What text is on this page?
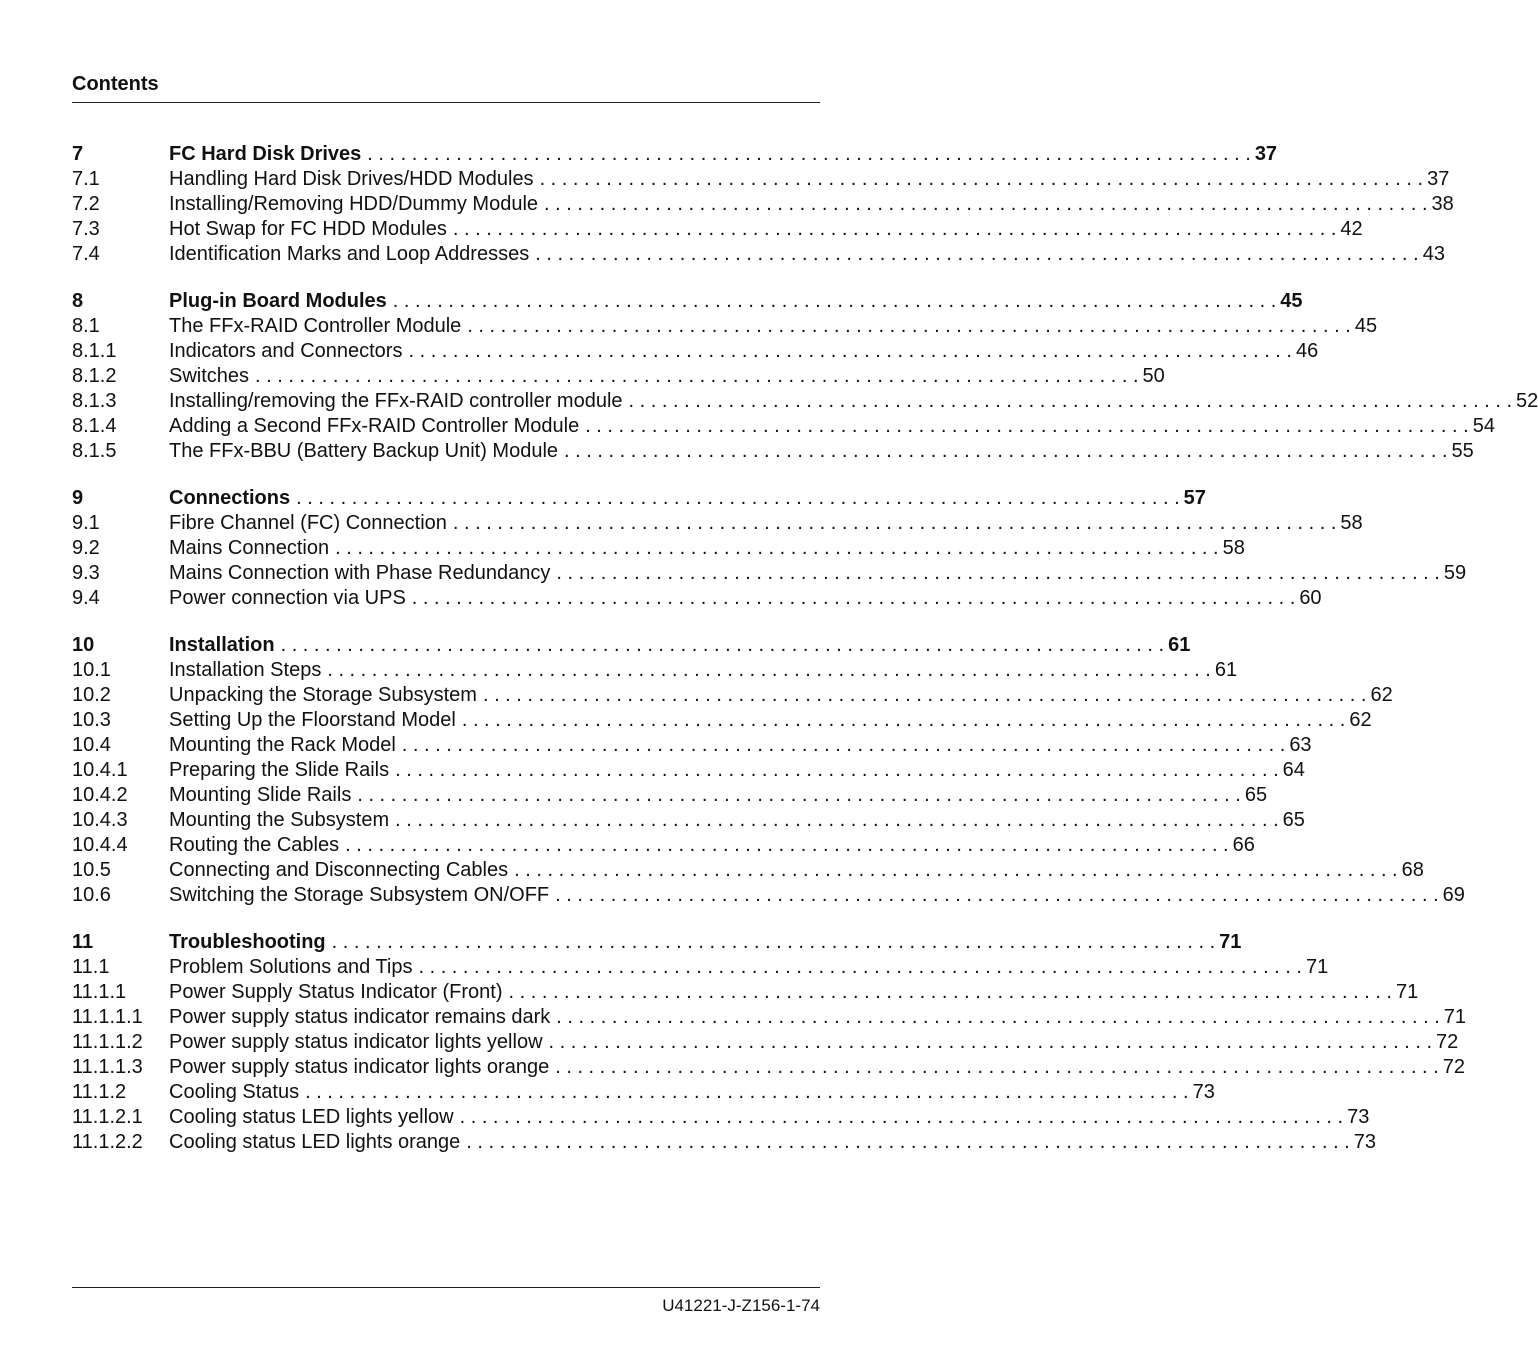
Contents
7	FC Hard Disk Drives . . . . . . . . . . . . . . . . . . . . . . . . . . . . . . . . . . . . . . . . . . . . . . . . . . . . . . . . . . . . . . . . . . . . . . . . . . . . . . . . 37
7.1	Handling Hard Disk Drives/HDD Modules . . . . . . . . . . . . . . . . . . . . . . . . . . . . . . . . . . . . . . . . . . . . . . . . . . . . . . . . . . . . . . . . . . . . . . . . . . . . . . . . 37
7.2	Installing/Removing HDD/Dummy Module . . . . . . . . . . . . . . . . . . . . . . . . . . . . . . . . . . . . . . . . . . . . . . . . . . . . . . . . . . . . . . . . . . . . . . . . . . . . . . . . 38
7.3	Hot Swap for FC HDD Modules . . . . . . . . . . . . . . . . . . . . . . . . . . . . . . . . . . . . . . . . . . . . . . . . . . . . . . . . . . . . . . . . . . . . . . . . . . . . . . . . 42
7.4	Identification Marks and Loop Addresses . . . . . . . . . . . . . . . . . . . . . . . . . . . . . . . . . . . . . . . . . . . . . . . . . . . . . . . . . . . . . . . . . . . . . . . . . . . . . . . . 43
8	Plug-in Board Modules . . . . . . . . . . . . . . . . . . . . . . . . . . . . . . . . . . . . . . . . . . . . . . . . . . . . . . . . . . . . . . . . . . . . . . . . . . . . . . . . 45
8.1	The FFx-RAID Controller Module . . . . . . . . . . . . . . . . . . . . . . . . . . . . . . . . . . . . . . . . . . . . . . . . . . . . . . . . . . . . . . . . . . . . . . . . . . . . . . . . 45
8.1.1	Indicators and Connectors . . . . . . . . . . . . . . . . . . . . . . . . . . . . . . . . . . . . . . . . . . . . . . . . . . . . . . . . . . . . . . . . . . . . . . . . . . . . . . . . 46
8.1.2	Switches . . . . . . . . . . . . . . . . . . . . . . . . . . . . . . . . . . . . . . . . . . . . . . . . . . . . . . . . . . . . . . . . . . . . . . . . . . . . . . . . 50
8.1.3	Installing/removing the FFx-RAID controller module . . . . . . . . . . . . . . . . . . . . . . . . . . . . . . . . . . . . . . . . . . . . . . . . . . . . . . . . . . . . . . . . . . . . . . . . . . . . . . . . 52
8.1.4	Adding a Second FFx-RAID Controller Module . . . . . . . . . . . . . . . . . . . . . . . . . . . . . . . . . . . . . . . . . . . . . . . . . . . . . . . . . . . . . . . . . . . . . . . . . . . . . . . . 54
8.1.5	The FFx-BBU (Battery Backup Unit) Module . . . . . . . . . . . . . . . . . . . . . . . . . . . . . . . . . . . . . . . . . . . . . . . . . . . . . . . . . . . . . . . . . . . . . . . . . . . . . . . . 55
9	Connections . . . . . . . . . . . . . . . . . . . . . . . . . . . . . . . . . . . . . . . . . . . . . . . . . . . . . . . . . . . . . . . . . . . . . . . . . . . . . . . . 57
9.1	Fibre Channel (FC) Connection . . . . . . . . . . . . . . . . . . . . . . . . . . . . . . . . . . . . . . . . . . . . . . . . . . . . . . . . . . . . . . . . . . . . . . . . . . . . . . . . 58
9.2	Mains Connection . . . . . . . . . . . . . . . . . . . . . . . . . . . . . . . . . . . . . . . . . . . . . . . . . . . . . . . . . . . . . . . . . . . . . . . . . . . . . . . . 58
9.3	Mains Connection with Phase Redundancy . . . . . . . . . . . . . . . . . . . . . . . . . . . . . . . . . . . . . . . . . . . . . . . . . . . . . . . . . . . . . . . . . . . . . . . . . . . . . . . . 59
9.4	Power connection via UPS . . . . . . . . . . . . . . . . . . . . . . . . . . . . . . . . . . . . . . . . . . . . . . . . . . . . . . . . . . . . . . . . . . . . . . . . . . . . . . . . 60
10	Installation . . . . . . . . . . . . . . . . . . . . . . . . . . . . . . . . . . . . . . . . . . . . . . . . . . . . . . . . . . . . . . . . . . . . . . . . . . . . . . . . 61
10.1	Installation Steps . . . . . . . . . . . . . . . . . . . . . . . . . . . . . . . . . . . . . . . . . . . . . . . . . . . . . . . . . . . . . . . . . . . . . . . . . . . . . . . . 61
10.2	Unpacking the Storage Subsystem . . . . . . . . . . . . . . . . . . . . . . . . . . . . . . . . . . . . . . . . . . . . . . . . . . . . . . . . . . . . . . . . . . . . . . . . . . . . . . . . 62
10.3	Setting Up the Floorstand Model . . . . . . . . . . . . . . . . . . . . . . . . . . . . . . . . . . . . . . . . . . . . . . . . . . . . . . . . . . . . . . . . . . . . . . . . . . . . . . . . 62
10.4	Mounting the Rack Model . . . . . . . . . . . . . . . . . . . . . . . . . . . . . . . . . . . . . . . . . . . . . . . . . . . . . . . . . . . . . . . . . . . . . . . . . . . . . . . . 63
10.4.1	Preparing the Slide Rails . . . . . . . . . . . . . . . . . . . . . . . . . . . . . . . . . . . . . . . . . . . . . . . . . . . . . . . . . . . . . . . . . . . . . . . . . . . . . . . . 64
10.4.2	Mounting Slide Rails . . . . . . . . . . . . . . . . . . . . . . . . . . . . . . . . . . . . . . . . . . . . . . . . . . . . . . . . . . . . . . . . . . . . . . . . . . . . . . . . 65
10.4.3	Mounting the Subsystem . . . . . . . . . . . . . . . . . . . . . . . . . . . . . . . . . . . . . . . . . . . . . . . . . . . . . . . . . . . . . . . . . . . . . . . . . . . . . . . . 65
10.4.4	Routing the Cables . . . . . . . . . . . . . . . . . . . . . . . . . . . . . . . . . . . . . . . . . . . . . . . . . . . . . . . . . . . . . . . . . . . . . . . . . . . . . . . . 66
10.5	Connecting and Disconnecting Cables . . . . . . . . . . . . . . . . . . . . . . . . . . . . . . . . . . . . . . . . . . . . . . . . . . . . . . . . . . . . . . . . . . . . . . . . . . . . . . . . 68
10.6	Switching the Storage Subsystem ON/OFF . . . . . . . . . . . . . . . . . . . . . . . . . . . . . . . . . . . . . . . . . . . . . . . . . . . . . . . . . . . . . . . . . . . . . . . . . . . . . . . . 69
11	Troubleshooting . . . . . . . . . . . . . . . . . . . . . . . . . . . . . . . . . . . . . . . . . . . . . . . . . . . . . . . . . . . . . . . . . . . . . . . . . . . . . . . . 71
11.1	Problem Solutions and Tips . . . . . . . . . . . . . . . . . . . . . . . . . . . . . . . . . . . . . . . . . . . . . . . . . . . . . . . . . . . . . . . . . . . . . . . . . . . . . . . . 71
11.1.1	Power Supply Status Indicator (Front) . . . . . . . . . . . . . . . . . . . . . . . . . . . . . . . . . . . . . . . . . . . . . . . . . . . . . . . . . . . . . . . . . . . . . . . . . . . . . . . . 71
11.1.1.1	Power supply status indicator remains dark . . . . . . . . . . . . . . . . . . . . . . . . . . . . . . . . . . . . . . . . . . . . . . . . . . . . . . . . . . . . . . . . . . . . . . . . . . . . . . . . 71
11.1.1.2	Power supply status indicator lights yellow . . . . . . . . . . . . . . . . . . . . . . . . . . . . . . . . . . . . . . . . . . . . . . . . . . . . . . . . . . . . . . . . . . . . . . . . . . . . . . . . 72
11.1.1.3	Power supply status indicator lights orange . . . . . . . . . . . . . . . . . . . . . . . . . . . . . . . . . . . . . . . . . . . . . . . . . . . . . . . . . . . . . . . . . . . . . . . . . . . . . . . . 72
11.1.2	Cooling Status . . . . . . . . . . . . . . . . . . . . . . . . . . . . . . . . . . . . . . . . . . . . . . . . . . . . . . . . . . . . . . . . . . . . . . . . . . . . . . . . 73
11.1.2.1	Cooling status LED lights yellow . . . . . . . . . . . . . . . . . . . . . . . . . . . . . . . . . . . . . . . . . . . . . . . . . . . . . . . . . . . . . . . . . . . . . . . . . . . . . . . . 73
11.1.2.2	Cooling status LED lights orange . . . . . . . . . . . . . . . . . . . . . . . . . . . . . . . . . . . . . . . . . . . . . . . . . . . . . . . . . . . . . . . . . . . . . . . . . . . . . . . . 73
U41221-J-Z156-1-74
